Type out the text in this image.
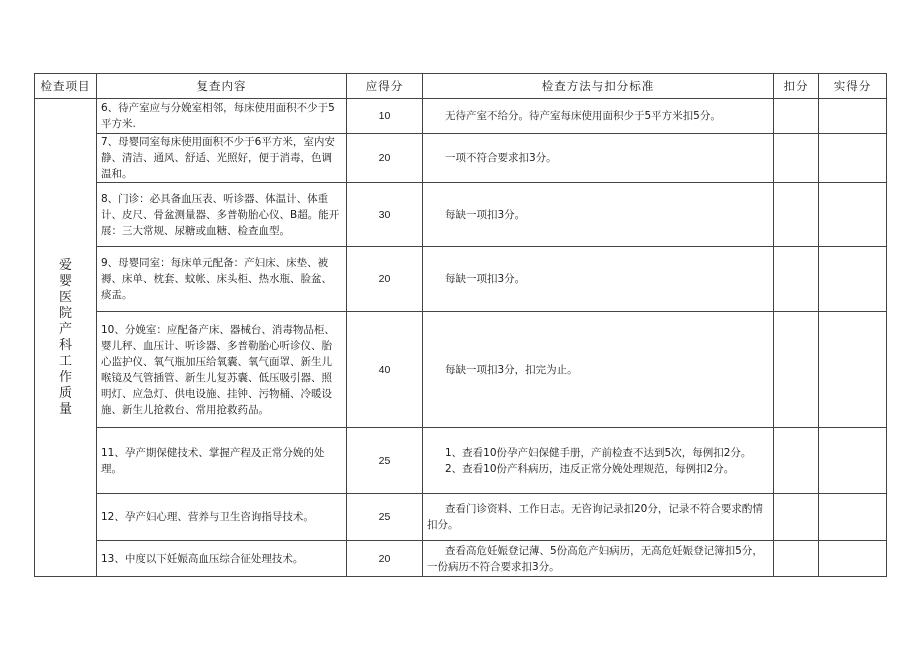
检查项目	复查内容	应得分	检查方法与扣分标准	扣分	实得分
爱婴医院产科工作质量	6、待产室应与分娩室相邻，每床使用面积不少于5平方米.	10	无待产室不给分。待产室每床使用面积少于5平方米扣5分。		

	7、母婴同室每床使用面积不少于6平方米，室内安静、清洁、通风、舒适、光照好，便于消毒，色调温和。	20	一项不符合要求扣3分。		

	8、门诊：必具备血压表、听诊器、体温计、体重计、皮尺、骨盆测量器、多普勒胎心仪、B超。能开展：三大常规、尿糖或血糖、检查血型。	30	每缺一项扣3分。		

	9、母婴同室：每床单元配备：产妇床、床垫、被褥、床单、枕套、蚊帐、床头柜、热水瓶、脸盆、痰盂。	20	每缺一项扣3分。		

	10、分娩室：应配备产床、器械台、消毒物品柜、婴儿秤、血压计、听诊器、多普勒胎心听诊仪、胎心监护仪、氧气瓶加压给氧囊、氧气面罩、新生儿喉镜及气管插管、新生儿复苏囊、低压吸引器、照明灯、应急灯、供电设施、挂钟、污物桶、冷暖设施、新生儿抢救台、常用抢救药品。	40	每缺一项扣3分，扣完为止。		

	11、孕产期保健技术、掌握产程及正常分娩的处理。	25	1、查看10份孕产妇保健手册，产前检查不达到5次，每例扣2分。
2、查看10份产科病历，违反正常分娩处理规范，每例扣2分。		

	12、孕产妇心理、营养与卫生咨询指导技术。	25	查看门诊资料、工作日志。无咨询记录扣20分，记录不符合要求酌情扣分。		

	13、中度以下妊娠高血压综合征处理技术。	20	查看高危妊娠登记薄、5份高危产妇病历，无高危妊娠登记簿扣5分，一份病历不符合要求扣3分。		
